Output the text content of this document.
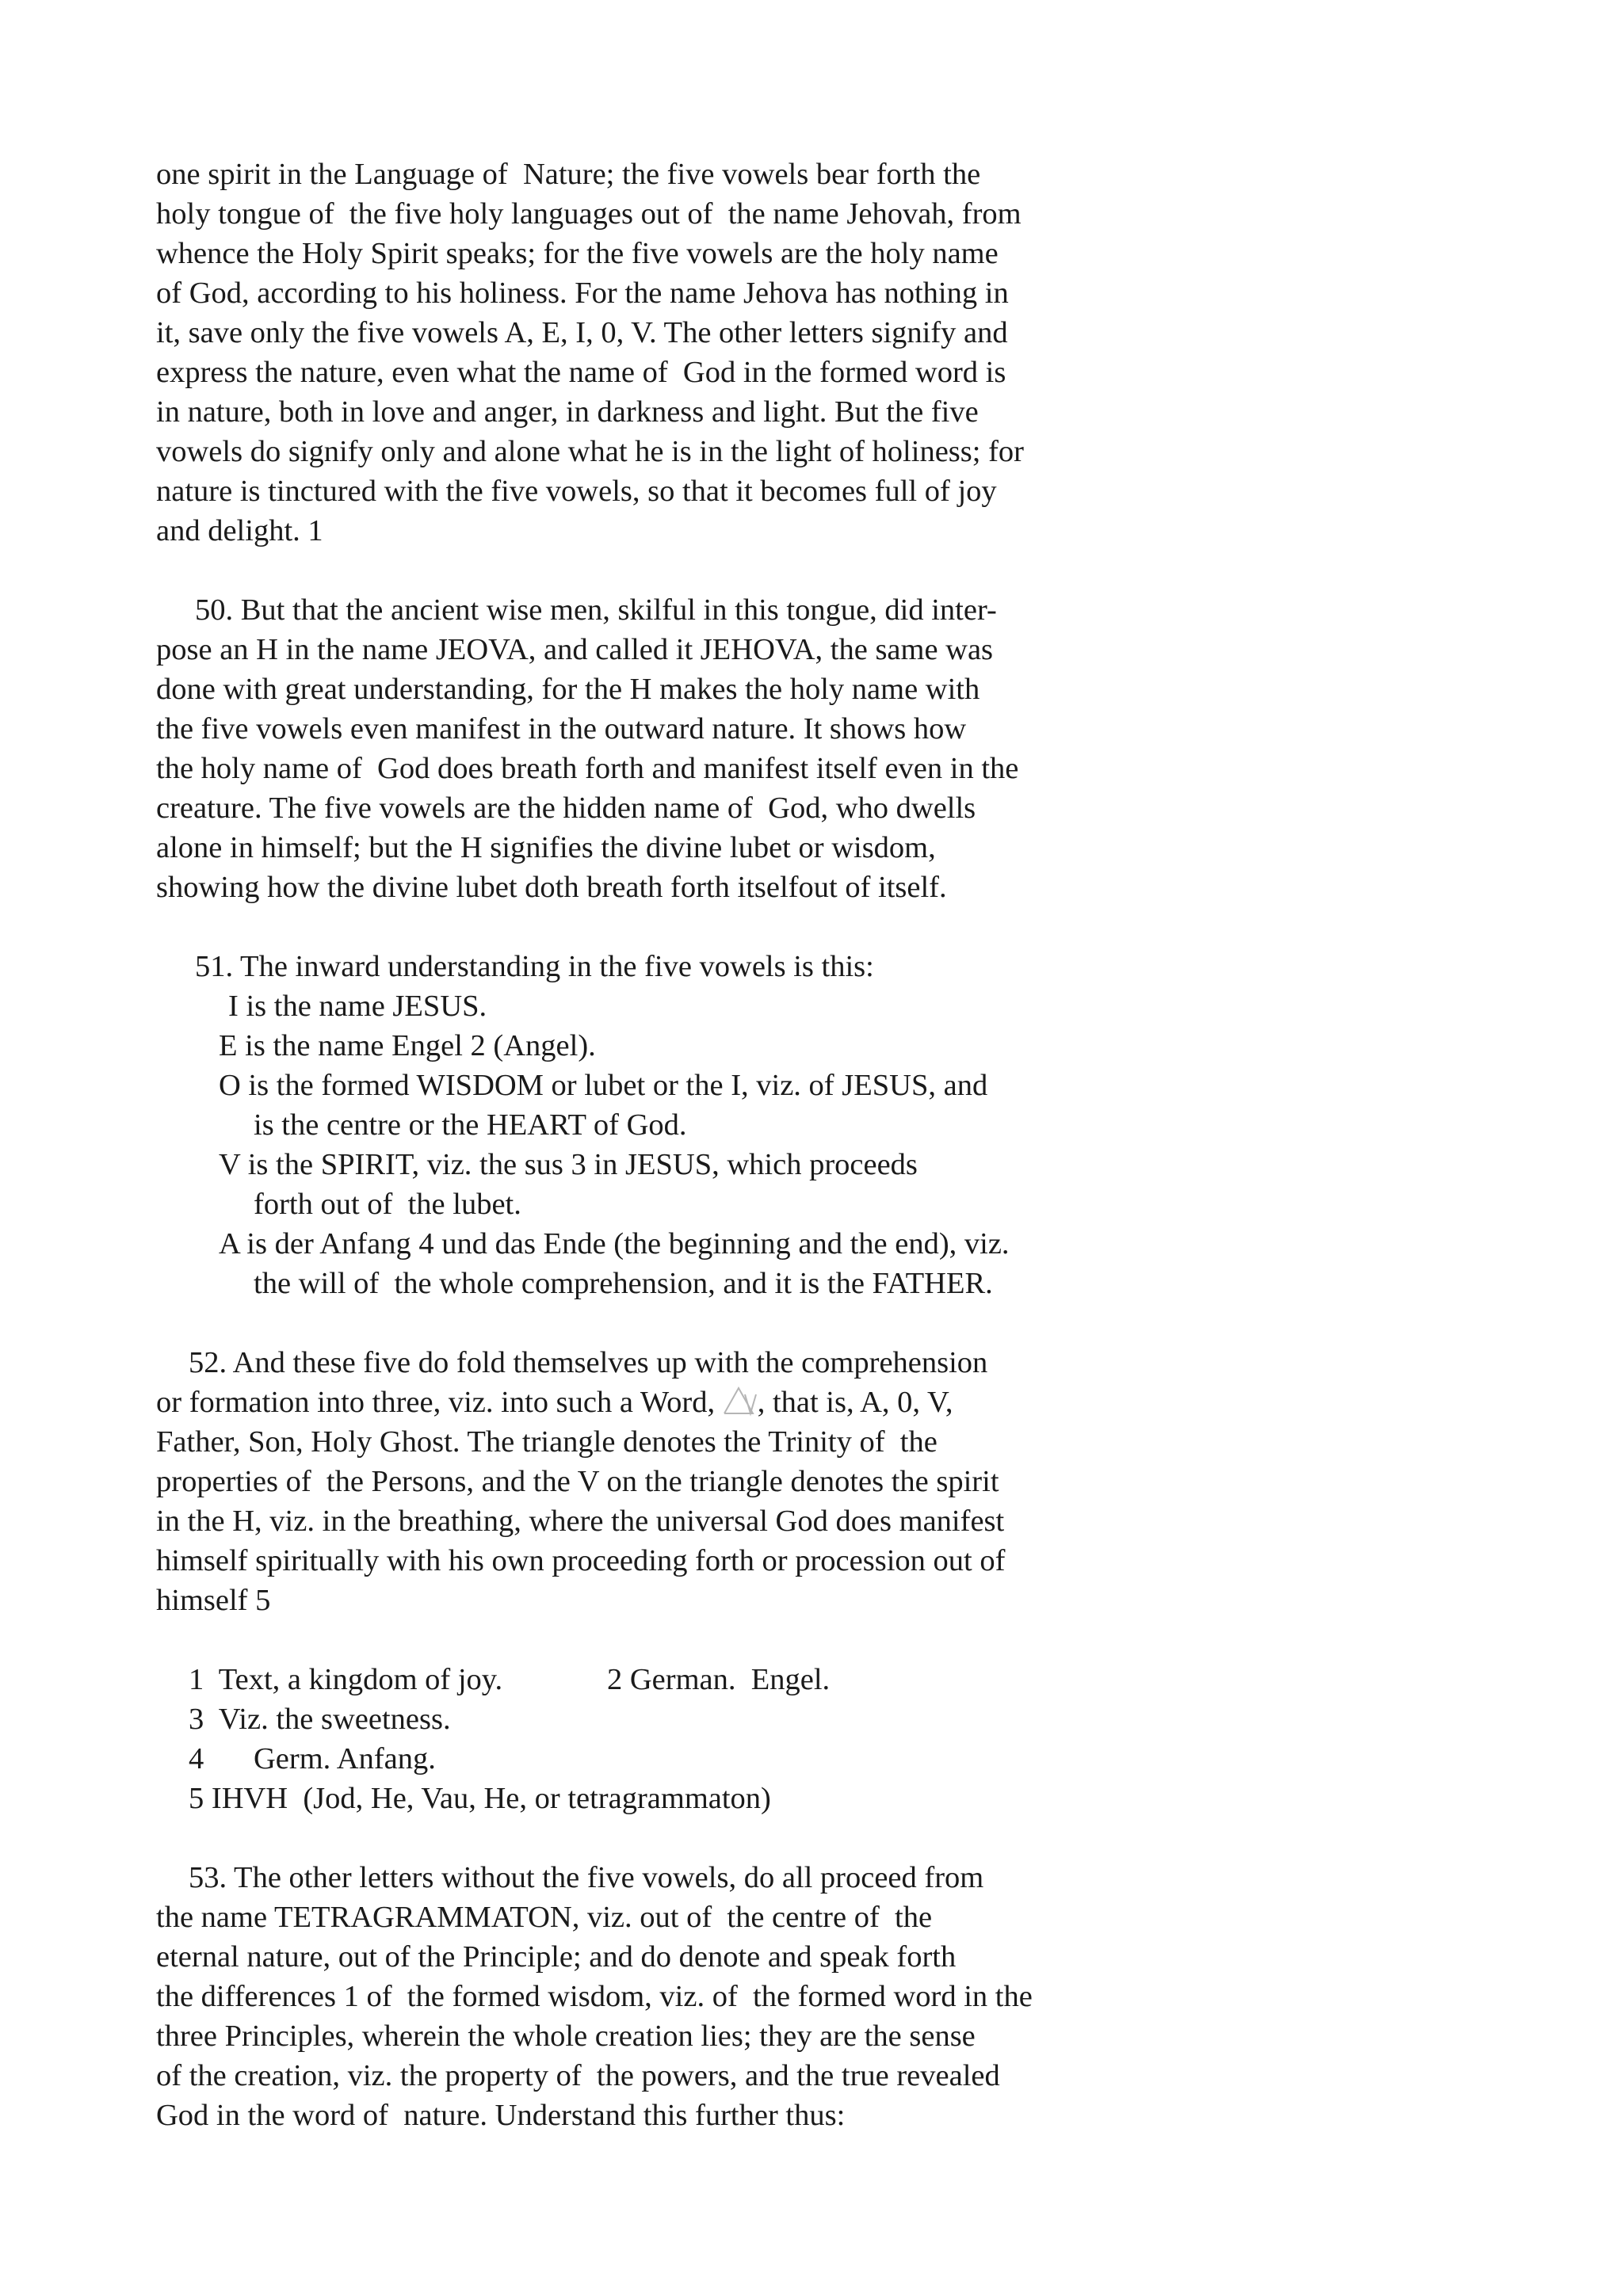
one spirit in the Language of  Nature; the five vowels bear forth the
holy tongue of  the five holy languages out of  the name Jehovah, from
whence the Holy Spirit speaks; for the five vowels are the holy name
of God, according to his holiness. For the name Jehova has nothing in
it, save only the five vowels A, E, I, 0, V. The other letters signify and
express the nature, even what the name of  God in the formed word is
in nature, both in love and anger, in darkness and light. But the five
vowels do signify only and alone what he is in the light of holiness; for
nature is tinctured with the five vowels, so that it becomes full of joy
and delight. 1
50. But that the ancient wise men, skilful in this tongue, did inter-
pose an H in the name JEOVA, and called it JEHOVA, the same was
done with great understanding, for the H makes the holy name with
the five vowels even manifest in the outward nature. It shows how
the holy name of  God does breath forth and manifest itself even in the
creature. The five vowels are the hidden name of  God, who dwells
alone in himself; but the H signifies the divine lubet or wisdom,
showing how the divine lubet doth breath forth itselfout of itself.
51. The inward understanding in the five vowels is this:
I is the name JESUS.
E is the name Engel 2 (Angel).
O is the formed WISDOM or lubet or the I, viz. of JESUS, and
is the centre or the HEART of God.
V is the SPIRIT, viz. the sus 3 in JESUS, which proceeds
forth out of  the lubet.
A is der Anfang 4 und das Ende (the beginning and the end), viz.
the will of  the whole comprehension, and it is the FATHER.
52. And these five do fold themselves up with the comprehension
or formation into three, viz. into such a Word, , that is, A, 0, V,
Father, Son, Holy Ghost. The triangle denotes the Trinity of  the
properties of  the Persons, and the V on the triangle denotes the spirit
in the H, viz. in the breathing, where the universal God does manifest
himself spiritually with his own proceeding forth or procession out of
himself 5
1  Text, a kingdom of joy.	2 German.  Engel.
3  Viz. the sweetness.
4 Germ. Anfang.
5 IHVH  (Jod, He, Vau, He, or tetragrammaton)
53. The other letters without the five vowels, do all proceed from
the name TETRAGRAMMATON, viz. out of  the centre of  the
eternal nature, out of the Principle; and do denote and speak forth
the differences 1 of  the formed wisdom, viz. of  the formed word in the
three Principles, wherein the whole creation lies; they are the sense
of the creation, viz. the property of  the powers, and the true revealed
God in the word of  nature. Understand this further thus:
